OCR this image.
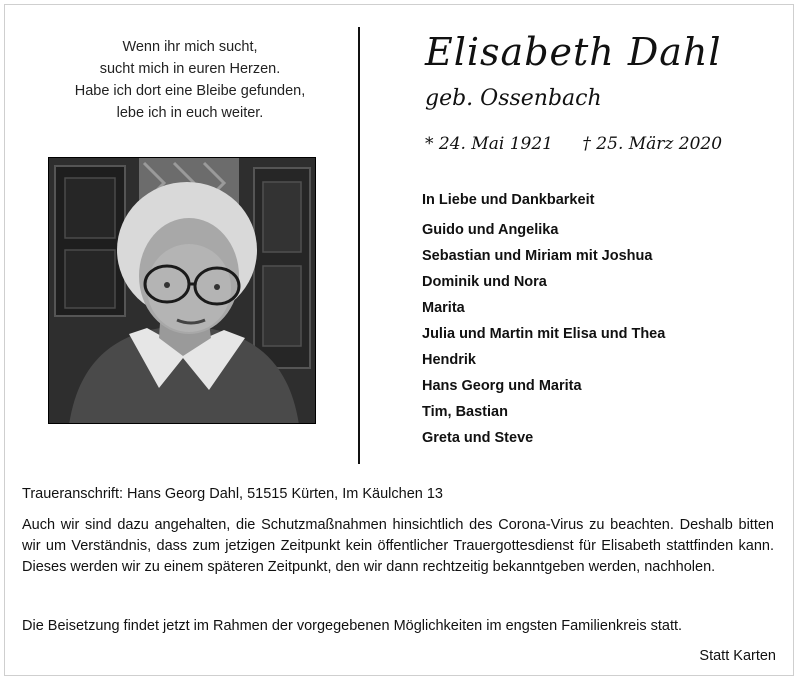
Wenn ihr mich sucht,
sucht mich in euren Herzen.
Habe ich dort eine Bleibe gefunden,
lebe ich in euch weiter.
Elisabeth Dahl
geb. Ossenbach
* 24. Mai 1921 † 25. März 2020
In Liebe und Dankbarkeit
Guido und Angelika
Sebastian und Miriam mit Joshua
Dominik und Nora
Marita
Julia und Martin mit Elisa und Thea
Hendrik
Hans Georg und Marita
Tim, Bastian
Greta und Steve
Traueranschrift: Hans Georg Dahl, 51515 Kürten, Im Käulchen 13
Auch wir sind dazu angehalten, die Schutzmaßnahmen hinsichtlich des Corona-Virus zu beachten. Deshalb bitten wir um Verständnis, dass zum jetzigen Zeitpunkt kein öffentlicher Trauergottesdienst für Elisabeth stattfinden kann. Dieses werden wir zu einem späteren Zeitpunkt, den wir dann rechtzeitig bekanntgeben werden, nachholen.
Die Beisetzung findet jetzt im Rahmen der vorgegebenen Möglichkeiten im engsten Familienkreis statt.
Statt Karten
